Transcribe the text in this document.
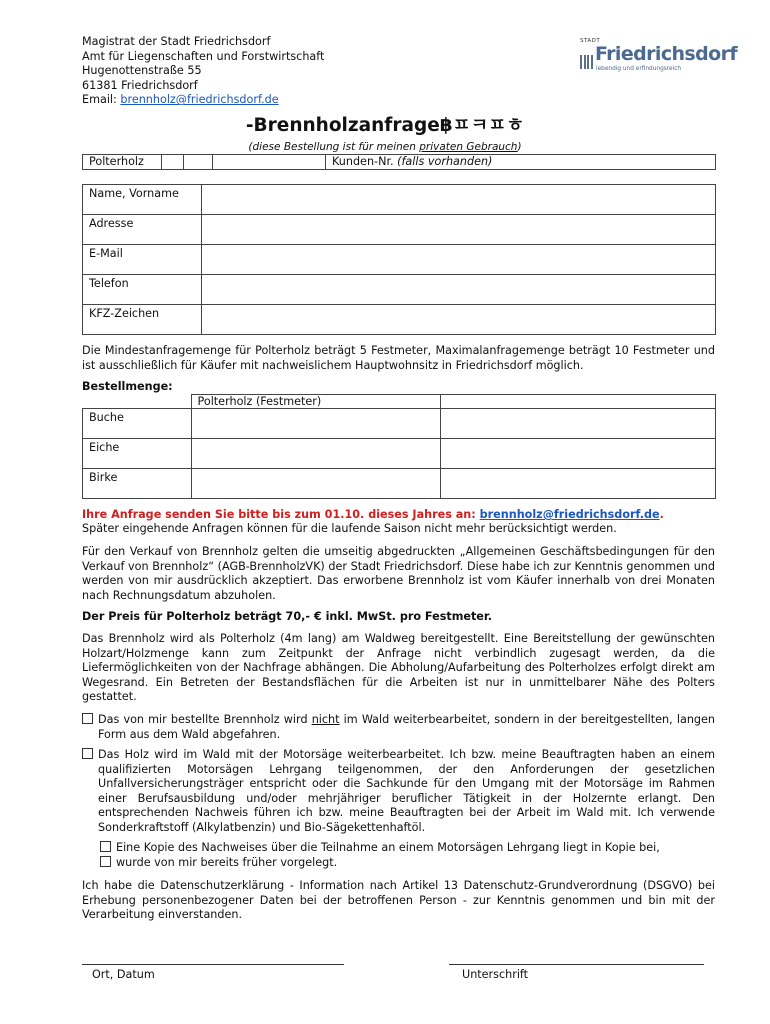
Magistrat der Stadt Friedrichsdorf
Amt für Liegenschaften und Forstwirtschaft
Hugenottenstraße 55
61381 Friedrichsdorf
Email: brennholz@friedrichsdorf.de
STADT
Friedrichsdorf
lebendig und erfindungsreich
-Brennholzanfrage฿ㅍㅋㅍㅎ
(diese Bestellung ist für meinen privaten Gebrauch)
Polterholz				Kunden-Nr. (falls vorhanden)
Name, Vorname	
Adresse	
E-Mail	
Telefon	
KFZ-Zeichen	
Die Mindestanfragemenge für Polterholz beträgt 5 Festmeter, Maximalanfragemenge beträgt 10 Festmeter und ist ausschließlich für Käufer mit nachweislichem Hauptwohnsitz in Friedrichsdorf möglich.
Bestellmenge:
	Polterholz (Festmeter)	
Buche		
Eiche		
Birke		
Ihre Anfrage senden Sie bitte bis zum 01.10. dieses Jahres an: brennholz@friedrichsdorf.de.
Später eingehende Anfragen können für die laufende Saison nicht mehr berücksichtigt werden.
Für den Verkauf von Brennholz gelten die umseitig abgedruckten „Allgemeinen Geschäftsbedingungen für den Verkauf von Brennholz“ (AGB-BrennholzVK) der Stadt Friedrichsdorf. Diese habe ich zur Kenntnis genommen und werden von mir ausdrücklich akzeptiert. Das erworbene Brennholz ist vom Käufer innerhalb von drei Monaten nach Rechnungsdatum abzuholen.
Der Preis für Polterholz beträgt 70,- € inkl. MwSt. pro Festmeter.
Das Brennholz wird als Polterholz (4m lang) am Waldweg bereitgestellt. Eine Bereitstellung der gewünschten Holzart/Holzmenge kann zum Zeitpunkt der Anfrage nicht verbindlich zugesagt werden, da die Liefermöglichkeiten von der Nachfrage abhängen. Die Abholung/Aufarbeitung des Polterholzes erfolgt direkt am Wegesrand. Ein Betreten der Bestandsflächen für die Arbeiten ist nur in unmittelbarer Nähe des Polters gestattet.
Das von mir bestellte Brennholz wird nicht im Wald weiterbearbeitet, sondern in der bereitgestellten, langen Form aus dem Wald abgefahren.
Das Holz wird im Wald mit der Motorsäge weiterbearbeitet. Ich bzw. meine Beauftragten haben an einem qualifizierten Motorsägen Lehrgang teilgenommen, der den Anforderungen der gesetzlichen Unfallversicherungsträger entspricht oder die Sachkunde für den Umgang mit der Motorsäge im Rahmen einer Berufsausbildung und/oder mehrjähriger beruflicher Tätigkeit in der Holzernte erlangt. Den entsprechenden Nachweis führen ich bzw. meine Beauftragten bei der Arbeit im Wald mit. Ich verwende Sonderkraftstoff (Alkylatbenzin) und Bio-Sägekettenhaftöl.
Eine Kopie des Nachweises über die Teilnahme an einem Motorsägen Lehrgang liegt in Kopie bei,
wurde von mir bereits früher vorgelegt.
Ich habe die Datenschutzerklärung - Information nach Artikel 13 Datenschutz-Grundverordnung (DSGVO) bei Erhebung personenbezogener Daten bei der betroffenen Person - zur Kenntnis genommen und bin mit der Verarbeitung einverstanden.
Ort, Datum	Unterschrift
